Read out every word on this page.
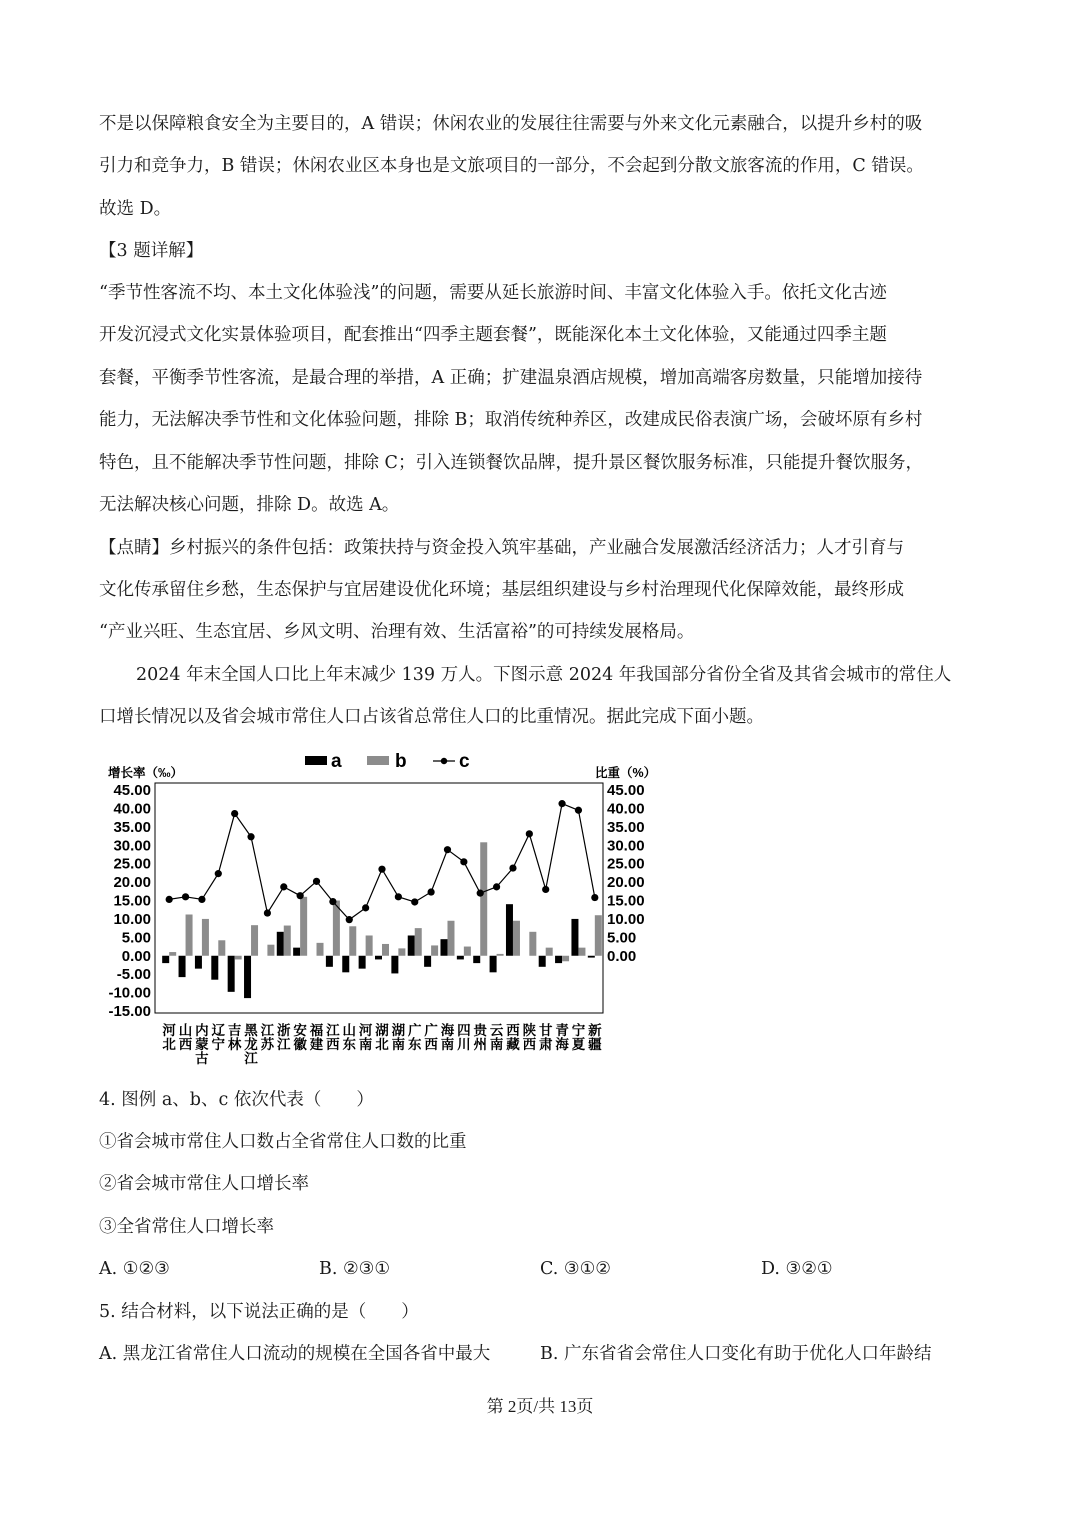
不是以保障粮食安全为主要目的，A 错误；休闲农业的发展往往需要与外来文化元素融合，以提升乡村的吸
引力和竞争力，B 错误；休闲农业区本身也是文旅项目的一部分，不会起到分散文旅客流的作用，C 错误。
故选 D。
【3 题详解】
“季节性客流不均、本土文化体验浅”的问题，需要从延长旅游时间、丰富文化体验入手。依托文化古迹
开发沉浸式文化实景体验项目，配套推出“四季主题套餐”，既能深化本土文化体验，又能通过四季主题
套餐，平衡季节性客流，是最合理的举措，A 正确；扩建温泉酒店规模，增加高端客房数量，只能增加接待
能力，无法解决季节性和文化体验问题，排除 B；取消传统种养区，改建成民俗表演广场，会破坏原有乡村
特色，且不能解决季节性问题，排除 C；引入连锁餐饮品牌，提升景区餐饮服务标准，只能提升餐饮服务，
无法解决核心问题，排除 D。故选 A。
【点睛】乡村振兴的条件包括：政策扶持与资金投入筑牢基础，产业融合发展激活经济活力；人才引育与
文化传承留住乡愁，生态保护与宜居建设优化环境；基层组织建设与乡村治理现代化保障效能，最终形成
“产业兴旺、生态宜居、乡风文明、治理有效、生活富裕”的可持续发展格局。
2024 年末全国人口比上年末减少 139 万人。下图示意 2024 年我国部分省份全省及其省会城市的常住人
口增长情况以及省会城市常住人口占该省总常住人口的比重情况。据此完成下面小题。
a	b	c
增长率（‰）	比重（%）
45.00
40.00
35.00
30.00
25.00
20.00
15.00
10.00
5.00
0.00
-5.00
-10.00
-15.00
45.00
40.00
35.00
30.00
25.00
20.00
15.00
10.00
5.00
0.00
河北
山西
内蒙古
辽宁
吉林
黑龙江
江苏
浙江
安徽
福建
江西
山东
河南
湖北
湖南
广东
广西
海南
四川
贵州
云南
西藏
陕西
甘肃
青海
宁夏
新疆
4. 图例 a、b、c 依次代表（　　）
①省会城市常住人口数占全省常住人口数的比重
②省会城市常住人口增长率
③全省常住人口增长率
A. ①②③	B. ②③①	C. ③①②	D. ③②①
5. 结合材料，以下说法正确的是（　　）
A. 黑龙江省常住人口流动的规模在全国各省中最大	B. 广东省省会常住人口变化有助于优化人口年龄结
第 2页/共 13页
